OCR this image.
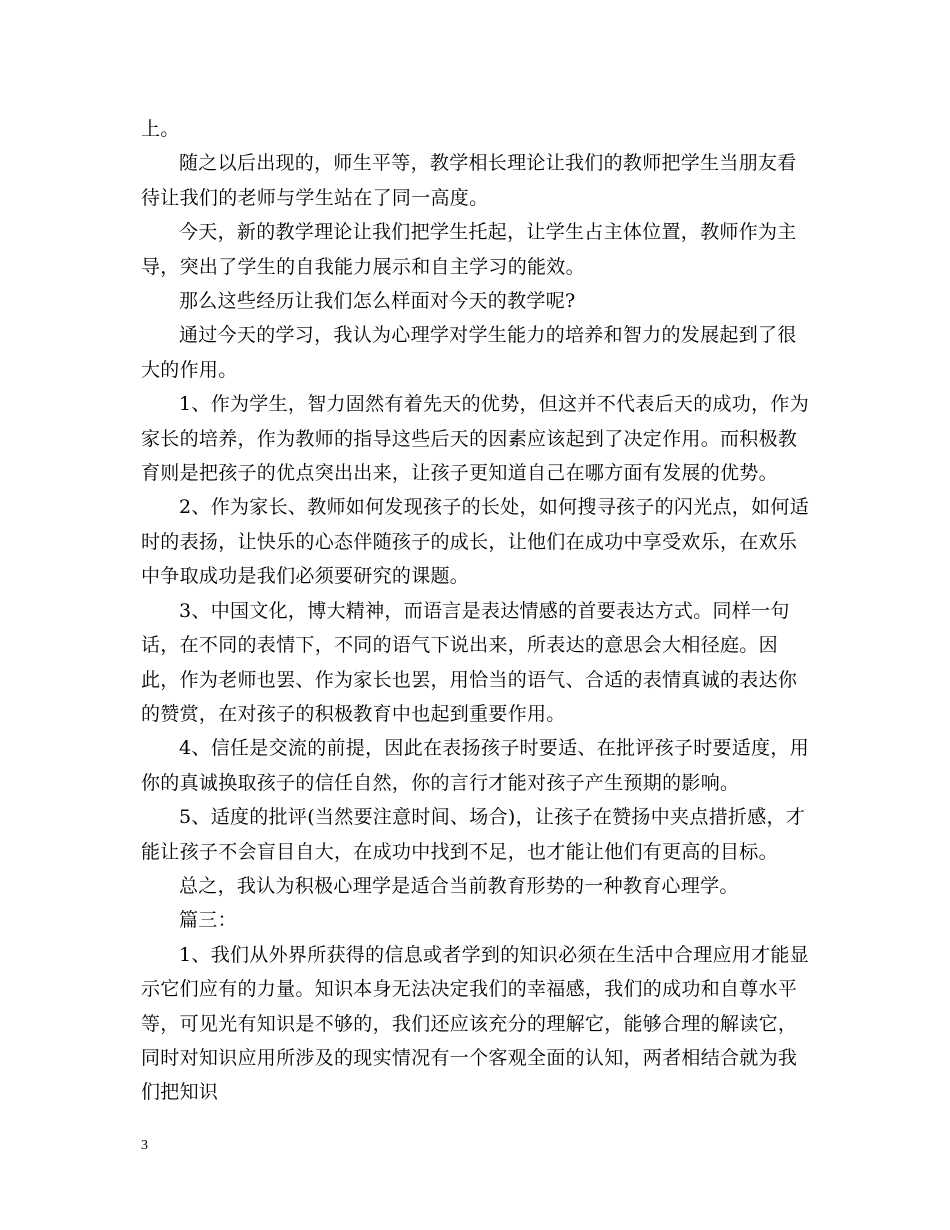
上。

随之以后出现的，师生平等，教学相长理论让我们的教师把学生当朋友看待让我们的老师与学生站在了同一高度。

今天，新的教学理论让我们把学生托起，让学生占主体位置，教师作为主导，突出了学生的自我能力展示和自主学习的能效。

那么这些经历让我们怎么样面对今天的教学呢?

通过今天的学习，我认为心理学对学生能力的培养和智力的发展起到了很大的作用。

1、作为学生，智力固然有着先天的优势，但这并不代表后天的成功，作为家长的培养，作为教师的指导这些后天的因素应该起到了决定作用。而积极教育则是把孩子的优点突出出来，让孩子更知道自己在哪方面有发展的优势。

2、作为家长、教师如何发现孩子的长处，如何搜寻孩子的闪光点，如何适时的表扬，让快乐的心态伴随孩子的成长，让他们在成功中享受欢乐，在欢乐中争取成功是我们必须要研究的课题。

3、中国文化，博大精神，而语言是表达情感的首要表达方式。同样一句话，在不同的表情下，不同的语气下说出来，所表达的意思会大相径庭。因此，作为老师也罢、作为家长也罢，用恰当的语气、合适的表情真诚的表达你的赞赏，在对孩子的积极教育中也起到重要作用。

4、信任是交流的前提，因此在表扬孩子时要适、在批评孩子时要适度，用你的真诚换取孩子的信任自然，你的言行才能对孩子产生预期的影响。

5、适度的批评(当然要注意时间、场合)，让孩子在赞扬中夹点措折感，才能让孩子不会盲目自大，在成功中找到不足，也才能让他们有更高的目标。

总之，我认为积极心理学是适合当前教育形势的一种教育心理学。

篇三：

1、我们从外界所获得的信息或者学到的知识必须在生活中合理应用才能显示它们应有的力量。知识本身无法决定我们的幸福感，我们的成功和自尊水平等，可见光有知识是不够的，我们还应该充分的理解它，能够合理的解读它，同时对知识应用所涉及的现实情况有一个客观全面的认知，两者相结合就为我们把知识

3
